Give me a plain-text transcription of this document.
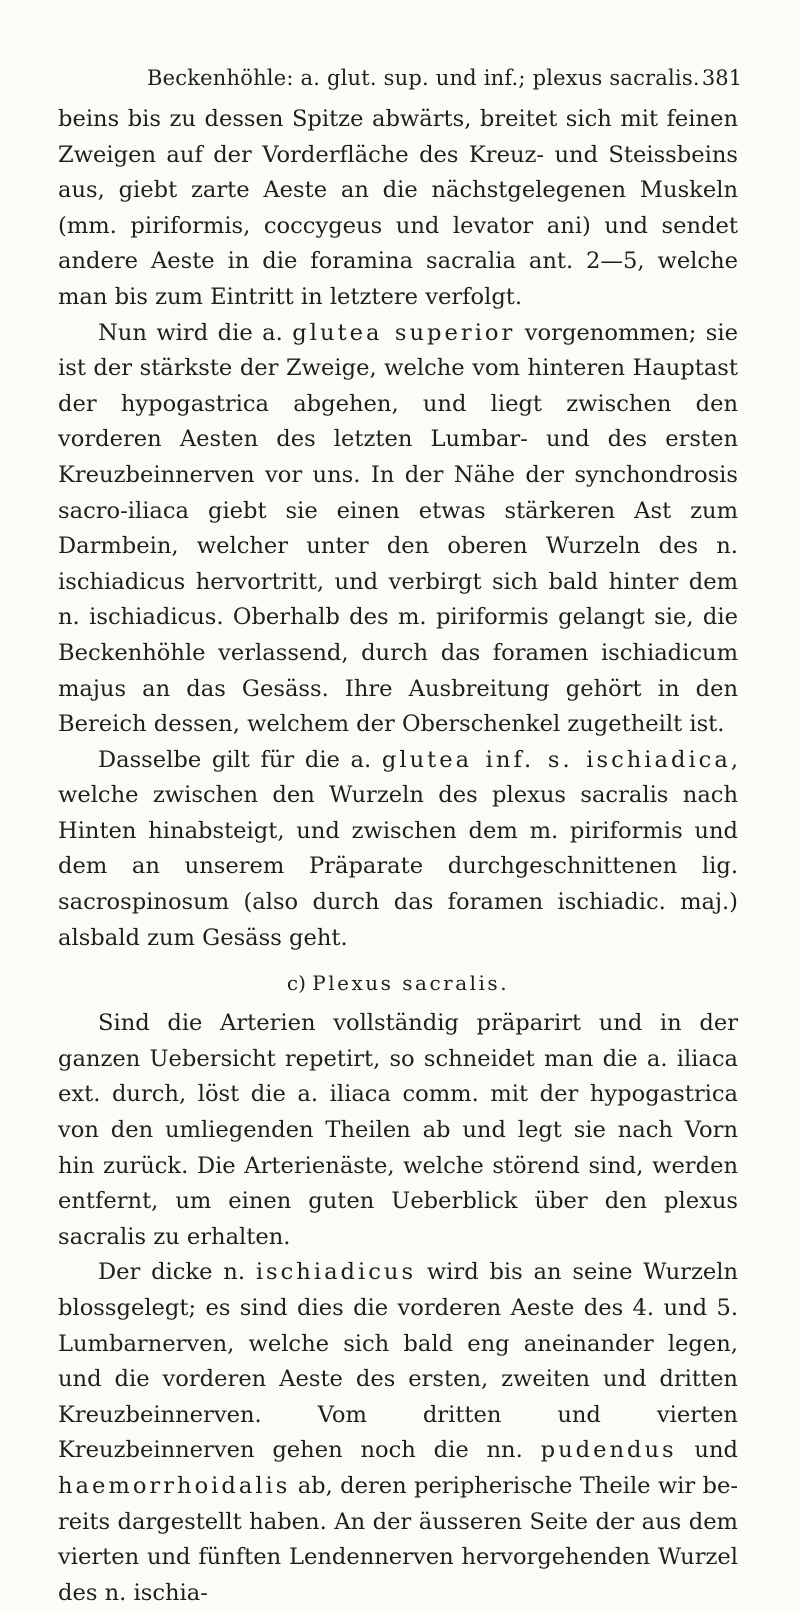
Beckenhöhle: a. glut. sup. und inf.; plexus sacralis. 381

beins bis zu dessen Spitze abwärts, breitet sich mit feinen Zweigen auf der Vorderfläche des Kreuz- und Steissbeins aus, giebt zarte Aeste an die nächstgelegenen Muskeln (mm. piriformis, coccygeus und levator ani) und sendet andere Aeste in die foramina sacralia ant. 2—5, welche man bis zum Eintritt in letztere verfolgt.

Nun wird die a. glutea superior vorgenommen; sie ist der stärkste der Zweige, welche vom hinteren Hauptast der hypogastrica abgehen, und liegt zwischen den vorderen Aesten des letzten Lumbar- und des ersten Kreuzbeinnerven vor uns. In der Nähe der synchondrosis sacro-iliaca giebt sie einen etwas stärkeren Ast zum Darmbein, welcher unter den oberen Wurzeln des n. ischiadicus hervortritt, und verbirgt sich bald hinter dem n. ischiadicus. Oberhalb des m. piriformis gelangt sie, die Beckenhöhle verlassend, durch das foramen ischiadicum majus an das Gesäss. Ihre Ausbreitung gehört in den Bereich dessen, welchem der Oberschenkel zugetheilt ist.

Dasselbe gilt für die a. glutea inf. s. ischiadica, welche zwischen den Wurzeln des plexus sacralis nach Hinten hinabsteigt, und zwischen dem m. piriformis und dem an unserem Präparate durchgeschnittenen lig. sacrospinosum (also durch das foramen ischiadic. maj.) alsbald zum Gesäss geht.

c) Plexus sacralis.

Sind die Arterien vollständig präparirt und in der ganzen Uebersicht repetirt, so schneidet man die a. iliaca ext. durch, löst die a. iliaca comm. mit der hypogastrica von den umliegenden Theilen ab und legt sie nach Vorn hin zurück. Die Arterienäste, welche störend sind, werden entfernt, um einen guten Ueberblick über den plexus sacralis zu erhalten.

Der dicke n. ischiadicus wird bis an seine Wurzeln blossgelegt; es sind dies die vorderen Aeste des 4. und 5. Lumbarnerven, welche sich bald eng aneinander legen, und die vorderen Aeste des ersten, zweiten und dritten Kreuzbeinnerven. Vom dritten und vierten Kreuzbeinnerven gehen noch die nn. pudendus und haemorrhoidalis ab, deren peripherische Theile wir bereits dargestellt haben. An der äusseren Seite der aus dem vierten und fünften Lendennerven hervorgehenden Wurzel des n. ischia-
